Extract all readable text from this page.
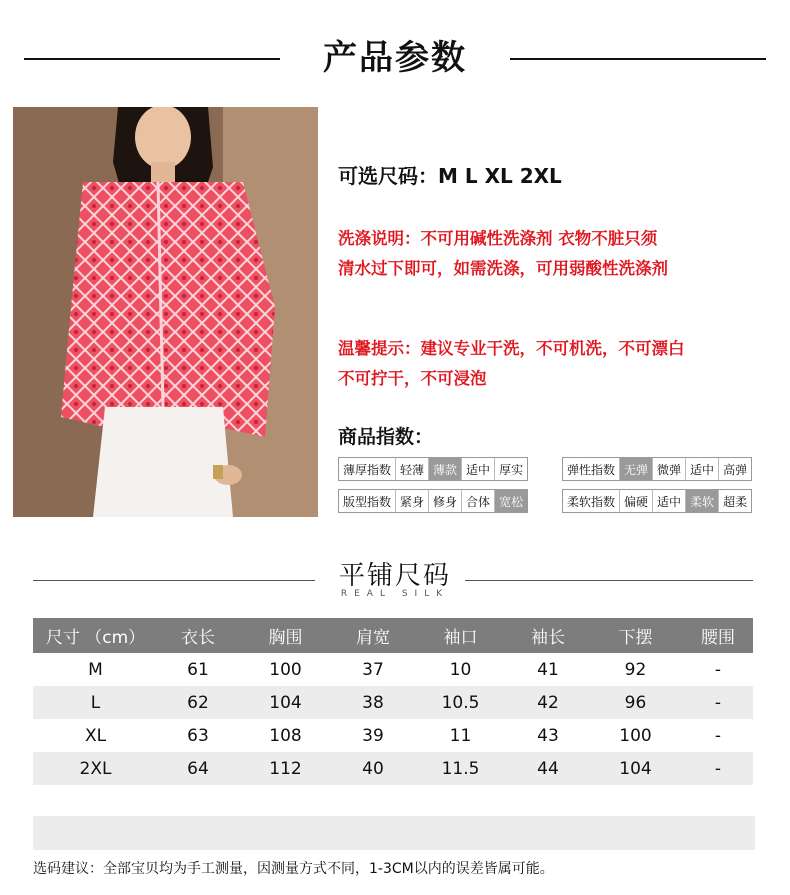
产品参数
可选尺码：M L XL 2XL
洗涤说明：不可用碱性洗涤剂 衣物不脏只须
清水过下即可，如需洗涤，可用弱酸性洗涤剂
温馨提示：建议专业干洗，不可机洗，不可漂白
不可拧干，不可浸泡
商品指数：
薄厚指数 轻薄 薄款 适中 厚实	弹性指数 无弹 微弹 适中 高弹
版型指数 紧身 修身 合体 宽松	柔软指数 偏硬 适中 柔软 超柔
平铺尺码
REAL SILK
尺寸 （cm）	衣长	胸围	肩宽	袖口	袖长	下摆	腰围
M	61	100	37	10	41	92	-
L	62	104	38	10.5	42	96	-
XL	63	108	39	11	43	100	-
2XL	64	112	40	11.5	44	104	-
选码建议：全部宝贝均为手工测量，因测量方式不同，1-3CM以内的误差皆属可能。
